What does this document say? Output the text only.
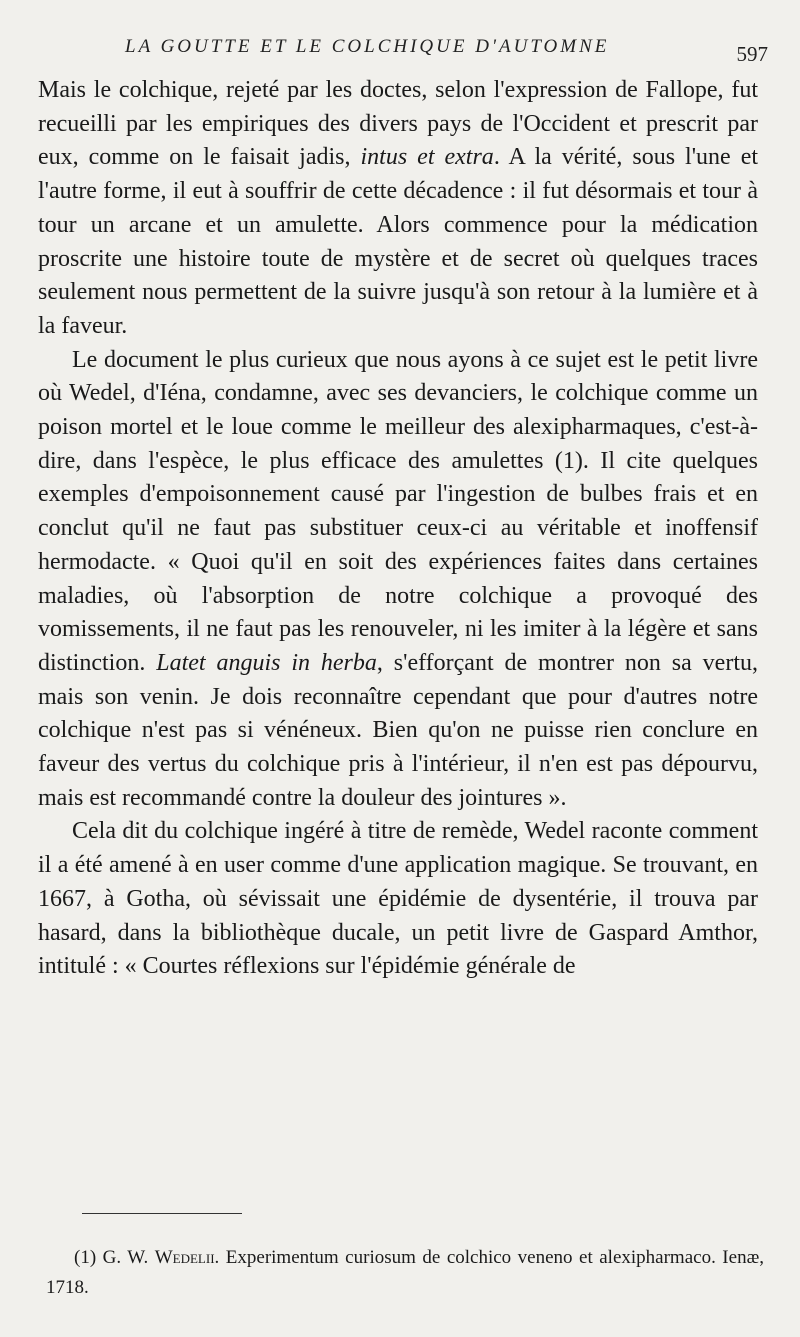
LA GOUTTE ET LE COLCHIQUE D'AUTOMNE	597

Mais le colchique, rejeté par les doctes, selon l'expression de Fallope, fut recueilli par les empiriques des divers pays de l'Occident et prescrit par eux, comme on le faisait jadis, intus et extra. A la vérité, sous l'une et l'autre forme, il eut à souffrir de cette décadence : il fut désormais et tour à tour un arcane et un amulette. Alors commence pour la médication proscrite une histoire toute de mystère et de secret où quelques traces seulement nous permettent de la suivre jusqu'à son retour à la lumière et à la faveur.

Le document le plus curieux que nous ayons à ce sujet est le petit livre où Wedel, d'Iéna, condamne, avec ses devanciers, le colchique comme un poison mortel et le loue comme le meilleur des alexipharmaques, c'est-à-dire, dans l'espèce, le plus efficace des amulettes (1). Il cite quelques exemples d'empoisonnement causé par l'ingestion de bulbes frais et en conclut qu'il ne faut pas substituer ceux-ci au véritable et inoffensif hermodacte. « Quoi qu'il en soit des expériences faites dans certaines maladies, où l'absorption de notre colchique a provoqué des vomissements, il ne faut pas les renouveler, ni les imiter à la légère et sans distinction. Latet anguis in herba, s'efforçant de montrer non sa vertu, mais son venin. Je dois reconnaître cependant que pour d'autres notre colchique n'est pas si vénéneux. Bien qu'on ne puisse rien conclure en faveur des vertus du colchique pris à l'intérieur, il n'en est pas dépourvu, mais est recommandé contre la douleur des jointures ».

Cela dit du colchique ingéré à titre de remède, Wedel raconte comment il a été amené à en user comme d'une application magique. Se trouvant, en 1667, à Gotha, où sévissait une épidémie de dysentérie, il trouva par hasard, dans la bibliothèque ducale, un petit livre de Gaspard Amthor, intitulé : « Courtes réflexions sur l'épidémie générale de

(1) G. W. Wedelii. Experimentum curiosum de colchico veneno et alexipharmaco. Ienæ, 1718.
